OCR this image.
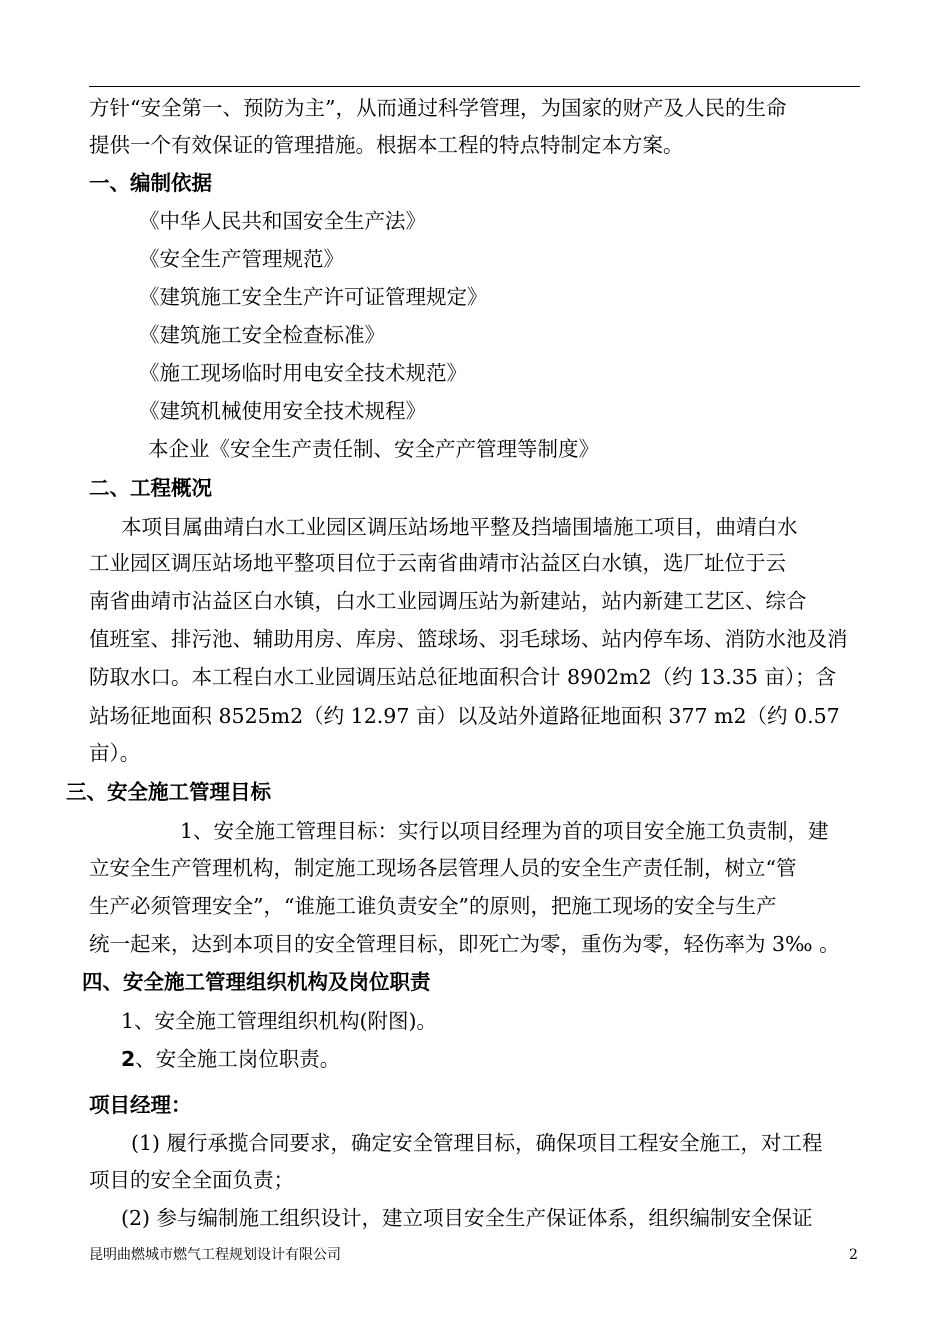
方针“安全第一、预防为主”，从而通过科学管理，为国家的财产及人民的生命
提供一个有效保证的管理措施。根据本工程的特点特制定本方案。
一、编制依据
《中华人民共和国安全生产法》
《安全生产管理规范》
《建筑施工安全生产许可证管理规定》
《建筑施工安全检查标准》
《施工现场临时用电安全技术规范》
《建筑机械使用安全技术规程》
本企业《安全生产责任制、安全产产管理等制度》
二、工程概况
本项目属曲靖白水工业园区调压站场地平整及挡墙围墙施工项目，曲靖白水
工业园区调压站场地平整项目位于云南省曲靖市沾益区白水镇，选厂址位于云
南省曲靖市沾益区白水镇，白水工业园调压站为新建站，站内新建工艺区、综合
值班室、排污池、辅助用房、库房、篮球场、羽毛球场、站内停车场、消防水池及消
防取水口。本工程白水工业园调压站总征地面积合计 8902m2（约 13.35 亩）；含
站场征地面积 8525m2（约 12.97 亩）以及站外道路征地面积 377 m2（约 0.57
亩）。
三、安全施工管理目标
1、安全施工管理目标：实行以项目经理为首的项目安全施工负责制，建
立安全生产管理机构，制定施工现场各层管理人员的安全生产责任制，树立“管
生产必须管理安全”，“谁施工谁负责安全”的原则，把施工现场的安全与生产
统一起来，达到本项目的安全管理目标，即死亡为零，重伤为零，轻伤率为 3‰ 。
四、安全施工管理组织机构及岗位职责
1、安全施工管理组织机构(附图)。
2、安全施工岗位职责。
项目经理：
(1) 履行承揽合同要求，确定安全管理目标，确保项目工程安全施工，对工程
项目的安全全面负责；
(2) 参与编制施工组织设计，建立项目安全生产保证体系，组织编制安全保证
昆明曲燃城市燃气工程规划设计有限公司	2
